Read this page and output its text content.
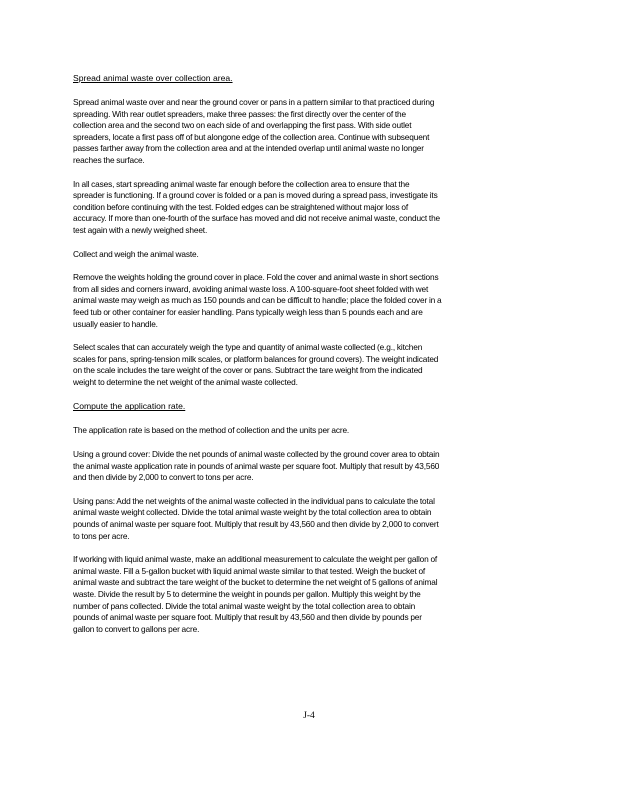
Spread animal waste over collection area.

Spread animal waste over and near the ground cover or pans in a pattern similar to that practiced during
spreading. With rear outlet spreaders, make three passes: the first directly over the center of the
collection area and the second two on each side of and overlapping the first pass. With side outlet
spreaders, locate a first pass off of but alongone edge of the collection area. Continue with subsequent
passes farther away from the collection area and at the intended overlap until animal waste no longer
reaches the surface.

In all cases, start spreading animal waste far enough before the collection area to ensure that the
spreader is functioning. If a ground cover is folded or a pan is moved during a spread pass, investigate its
condition before continuing with the test. Folded edges can be straightened without major loss of
accuracy. If more than one-fourth of the surface has moved and did not receive animal waste, conduct the
test again with a newly weighed sheet.

Collect and weigh the animal waste.

Remove the weights holding the ground cover in place. Fold the cover and animal waste in short sections
from all sides and corners inward, avoiding animal waste loss. A 100-square-foot sheet folded with wet
animal waste may weigh as much as 150 pounds and can be difficult to handle; place the folded cover in a
feed tub or other container for easier handling. Pans typically weigh less than 5 pounds each and are
usually easier to handle.

Select scales that can accurately weigh the type and quantity of animal waste collected (e.g., kitchen
scales for pans, spring-tension milk scales, or platform balances for ground covers). The weight indicated
on the scale includes the tare weight of the cover or pans. Subtract the tare weight from the indicated
weight to determine the net weight of the animal waste collected.

Compute the application rate.

The application rate is based on the method of collection and the units per acre.

Using a ground cover: Divide the net pounds of animal waste collected by the ground cover area to obtain
the animal waste application rate in pounds of animal waste per square foot. Multiply that result by 43,560
and then divide by 2,000 to convert to tons per acre.

Using pans: Add the net weights of the animal waste collected in the individual pans to calculate the total
animal waste weight collected. Divide the total animal waste weight by the total collection area to obtain
pounds of animal waste per square foot. Multiply that result by 43,560 and then divide by 2,000 to convert
to tons per acre.

If working with liquid animal waste, make an additional measurement to calculate the weight per gallon of
animal waste. Fill a 5-gallon bucket with liquid animal waste similar to that tested. Weigh the bucket of
animal waste and subtract the tare weight of the bucket to determine the net weight of 5 gallons of animal
waste. Divide the result by 5 to determine the weight in pounds per gallon. Multiply this weight by the
number of pans collected. Divide the total animal waste weight by the total collection area to obtain
pounds of animal waste per square foot. Multiply that result by 43,560 and then divide by pounds per
gallon to convert to gallons per acre.

J-4
